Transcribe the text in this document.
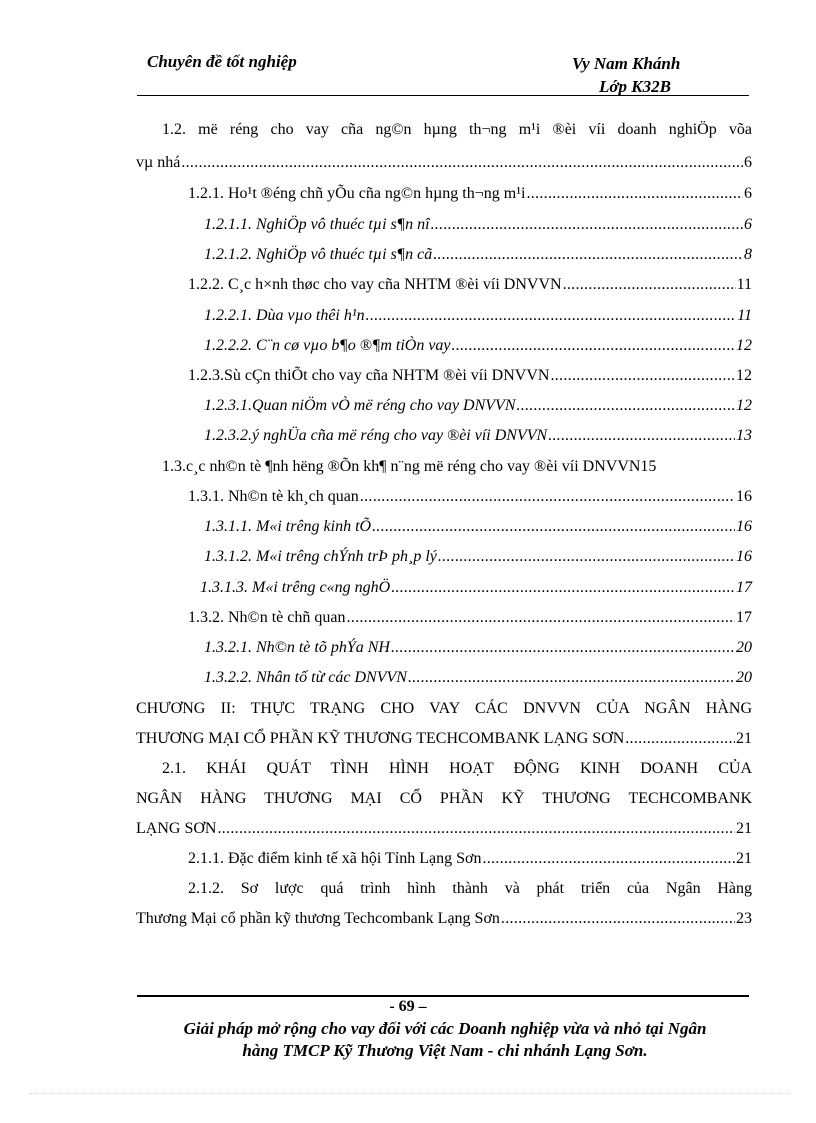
Chuyên đề tốt nghiệp	Vy Nam Khánh
Lớp K32B
1.2. më réng cho vay cña ng©n hµng th¬ng m¹i ®èi víi doanh nghiÖp võa
vµ nhá .....	6
1.2.1. Ho¹t ®éng chñ yÕu cña ng©n hµng th¬ng m¹i .....	6
1.2.1.1. NghiÖp vô thuéc tµi s¶n nî .....	6
1.2.1.2. NghiÖp vô thuéc tµi s¶n cã .....	8
1.2.2. C¸c h×nh thøc cho vay cña NHTM ®èi víi DNVVN .....	11
1.2.2.1. Dùa vµo thêi h¹n .....	11
1.2.2.2. C¨n cø vµo b¶o ®¶m tiÒn vay .....	12
1.2.3.Sù cÇn thiÕt cho vay cña NHTM ®èi víi DNVVN .....	12
1.2.3.1.Quan niÖm vÒ më réng cho vay DNVVN .....	12
1.2.3.2.ý nghÜa cña më réng cho vay ®èi víi DNVVN .....	13
1.3.c¸c nh©n tè ¶nh hëng ®Õn kh¶ n¨ng më réng cho vay ®èi víi DNVVN 15
1.3.1. Nh©n tè kh¸ch quan .....	16
1.3.1.1. M«i trêng kinh tÕ .....	16
1.3.1.2. M«i trêng chÝnh trÞ ph¸p lý .....	16
1.3.1.3. M«i trêng c«ng nghÖ .....	17
1.3.2. Nh©n tè chñ quan .....	17
1.3.2.1. Nh©n tè tõ phÝa NH .....	20
1.3.2.2. Nhân tố từ các DNVVN .....	20
CHƯƠNG II: THỰC TRẠNG CHO VAY CÁC DNVVN CỦA NGÂN HÀNG
THƯƠNG MẠI CỔ PHẦN KỸ THƯƠNG TECHCOMBANK LẠNG SƠN .....	21
2.1. KHÁI QUÁT TÌNH HÌNH HOẠT ĐỘNG KINH DOANH CỦA
NGÂN HÀNG THƯƠNG MẠI CỔ PHẦN KỸ THƯƠNG TECHCOMBANK
LẠNG SƠN .....	21
2.1.1. Đặc điểm kinh tế xã hội Tỉnh Lạng Sơn .....	21
2.1.2. Sơ lược quá trình hình thành và phát triển của Ngân Hàng
Thương Mại cổ phần kỹ thương Techcombank Lạng Sơn .....	23
- 69 –
Giải pháp mở rộng cho vay đối với các Doanh nghiệp vừa và nhỏ tại Ngân
hàng TMCP Kỹ Thương Việt Nam - chi nhánh Lạng Sơn.
